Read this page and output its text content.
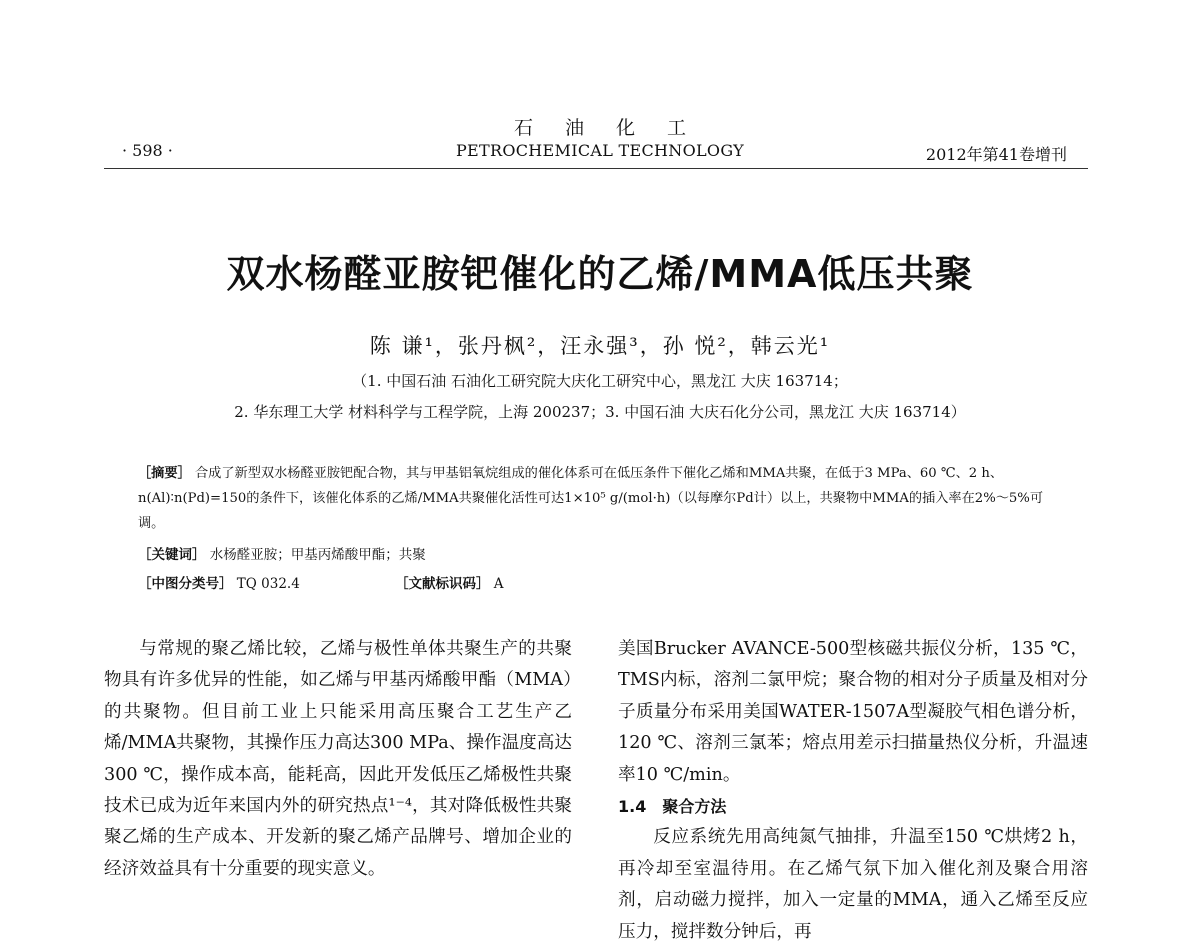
石油化工
· 598 ·	PETROCHEMICAL TECHNOLOGY	2012年第41卷增刊
双水杨醛亚胺钯催化的乙烯/MMA低压共聚
陈 谦¹，张丹枫²，汪永强³，孙 悦²，韩云光¹
（1. 中国石油 石油化工研究院大庆化工研究中心，黑龙江 大庆 163714；
2. 华东理工大学 材料科学与工程学院，上海 200237；3. 中国石油 大庆石化分公司，黑龙江 大庆 163714）
［摘要］ 合成了新型双水杨醛亚胺钯配合物，其与甲基铝氧烷组成的催化体系可在低压条件下催化乙烯和MMA共聚，在低于3 MPa、60 ℃、2 h、n(Al)∶n(Pd)=150的条件下，该催化体系的乙烯/MMA共聚催化活性可达1×10⁵ g/(mol·h)（以每摩尔Pd计）以上，共聚物中MMA的插入率在2%～5%可调。
［关键词］ 水杨醛亚胺；甲基丙烯酸甲酯；共聚
［中图分类号］ TQ 032.4	［文献标识码］ A

与常规的聚乙烯比较，乙烯与极性单体共聚生产的共聚物具有许多优异的性能，如乙烯与甲基丙烯酸甲酯（MMA）的共聚物。但目前工业上只能采用高压聚合工艺生产乙烯/MMA共聚物，其操作压力高达300 MPa、操作温度高达300 ℃，操作成本高，能耗高，因此开发低压乙烯极性共聚技术已成为近年来国内外的研究热点¹⁻⁴，其对降低极性共聚聚乙烯的生产成本、开发新的聚乙烯产品牌号、增加企业的经济效益具有十分重要的现实意义。

美国Brucker AVANCE-500型核磁共振仪分析，135 ℃，TMS内标，溶剂二氯甲烷；聚合物的相对分子质量及相对分子质量分布采用美国WATER-1507A型凝胶气相色谱分析，120 ℃、溶剂三氯苯；熔点用差示扫描量热仪分析，升温速率10 ℃/min。

1.4　聚合方法

反应系统先用高纯氮气抽排，升温至150 ℃烘烤2 h，再冷却至室温待用。在乙烯气氛下加入催化剂及聚合用溶剂，启动磁力搅拌，加入一定量的MMA，通入乙烯至反应压力，搅拌数分钟后，再
